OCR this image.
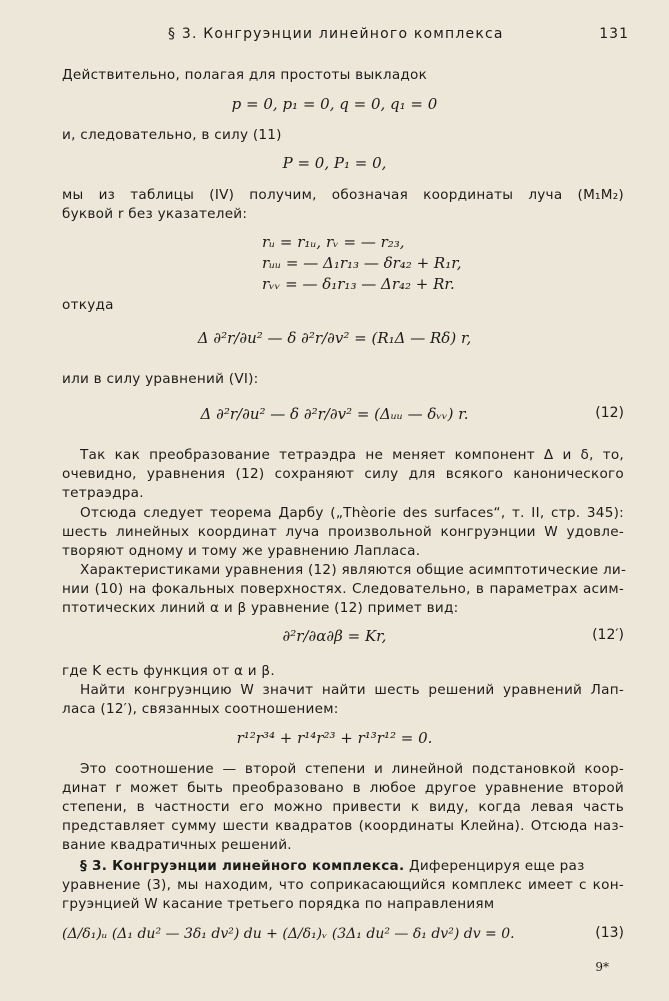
§ 3. Конгруэнции линейного комплекса	131
Действительно, полагая для простоты выкладок
p = 0, p₁ = 0, q = 0, q₁ = 0
и, следовательно, в силу (11)
P = 0, P₁ = 0,
мы из таблицы (IV) получим, обозначая координаты луча (M₁M₂)
буквой r без указателей:
rᵤ = r₁ᵤ, rᵥ = — r₂₃,
rᵤᵤ = — Δ₁r₁₃ — δr₄₂ + R₁r,
rᵥᵥ = — δ₁r₁₃ — Δr₄₂ + Rr.
откуда
Δ ∂²r/∂u² — δ ∂²r/∂v² = (R₁Δ — Rδ) r,
или в силу уравнений (VI):
Δ ∂²r/∂u² — δ ∂²r/∂v² = (Δᵤᵤ — δᵥᵥ) r.	(12)
Так как преобразование тетраэдра не меняет компонент Δ и δ, то,
очевидно, уравнения (12) сохраняют силу для всякого канонического
тетраэдра.
Отсюда следует теорема Дарбу („Thèorie des surfaces“, т. II, стр. 345):
шесть линейных координат луча произвольной конгруэнции W удовле-
творяют одному и тому же уравнению Лапласа.
Характеристиками уравнения (12) являются общие асимптотические ли-
нии (10) на фокальных поверхностях. Следовательно, в параметрах асим-
птотических линий α и β уравнение (12) примет вид:
∂²r/∂α∂β = Kr,	(12′)
где K есть функция от α и β.
Найти конгруэнцию W значит найти шесть решений уравнений Лап-
ласа (12′), связанных соотношением:
r¹²r³⁴ + r¹⁴r²³ + r¹³r¹² = 0.
Это соотношение — второй степени и линейной подстановкой коор-
динат r может быть преобразовано в любое другое уравнение второй
степени, в частности его можно привести к виду, когда левая часть
представляет сумму шести квадратов (координаты Клейна). Отсюда наз-
вание квадратичных решений.
§ 3. Конгруэнции линейного комплекса. Диференцируя еще раз
уравнение (3), мы находим, что соприкасающийся комплекс имеет с кон-
груэнцией W касание третьего порядка по направлениям
(Δ/δ₁)ᵤ (Δ₁ du² — 3δ₁ dv²) du + (Δ/δ₁)ᵥ (3Δ₁ du² — δ₁ dv²) dv = 0.	(13)
9*
